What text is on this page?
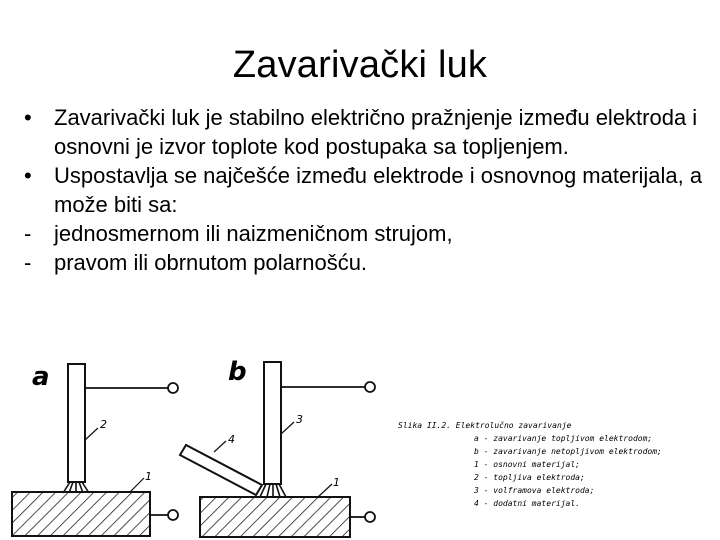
Zavarivački luk
•	Zavarivački luk je stabilno električno pražnjenje između elektroda i osnovni je izvor toplote kod postupaka sa topljenjem.
•	Uspostavlja se najčešće između elektrode i osnovnog materijala, a može biti sa:
-	jednosmernom ili naizmeničnom strujom,
-	pravom ili obrnutom polarnošću.
a
2
1
b
3
4
1
Slika II.2. Elektrolučno zavarivanje
a - zavarivanje topljivom elektrodom;
b - zavarivanje netopljivom elektrodom;
1 - osnovni materijal;
2 - topljiva elektroda;
3 - volframova elektroda;
4 - dodatni materijal.
